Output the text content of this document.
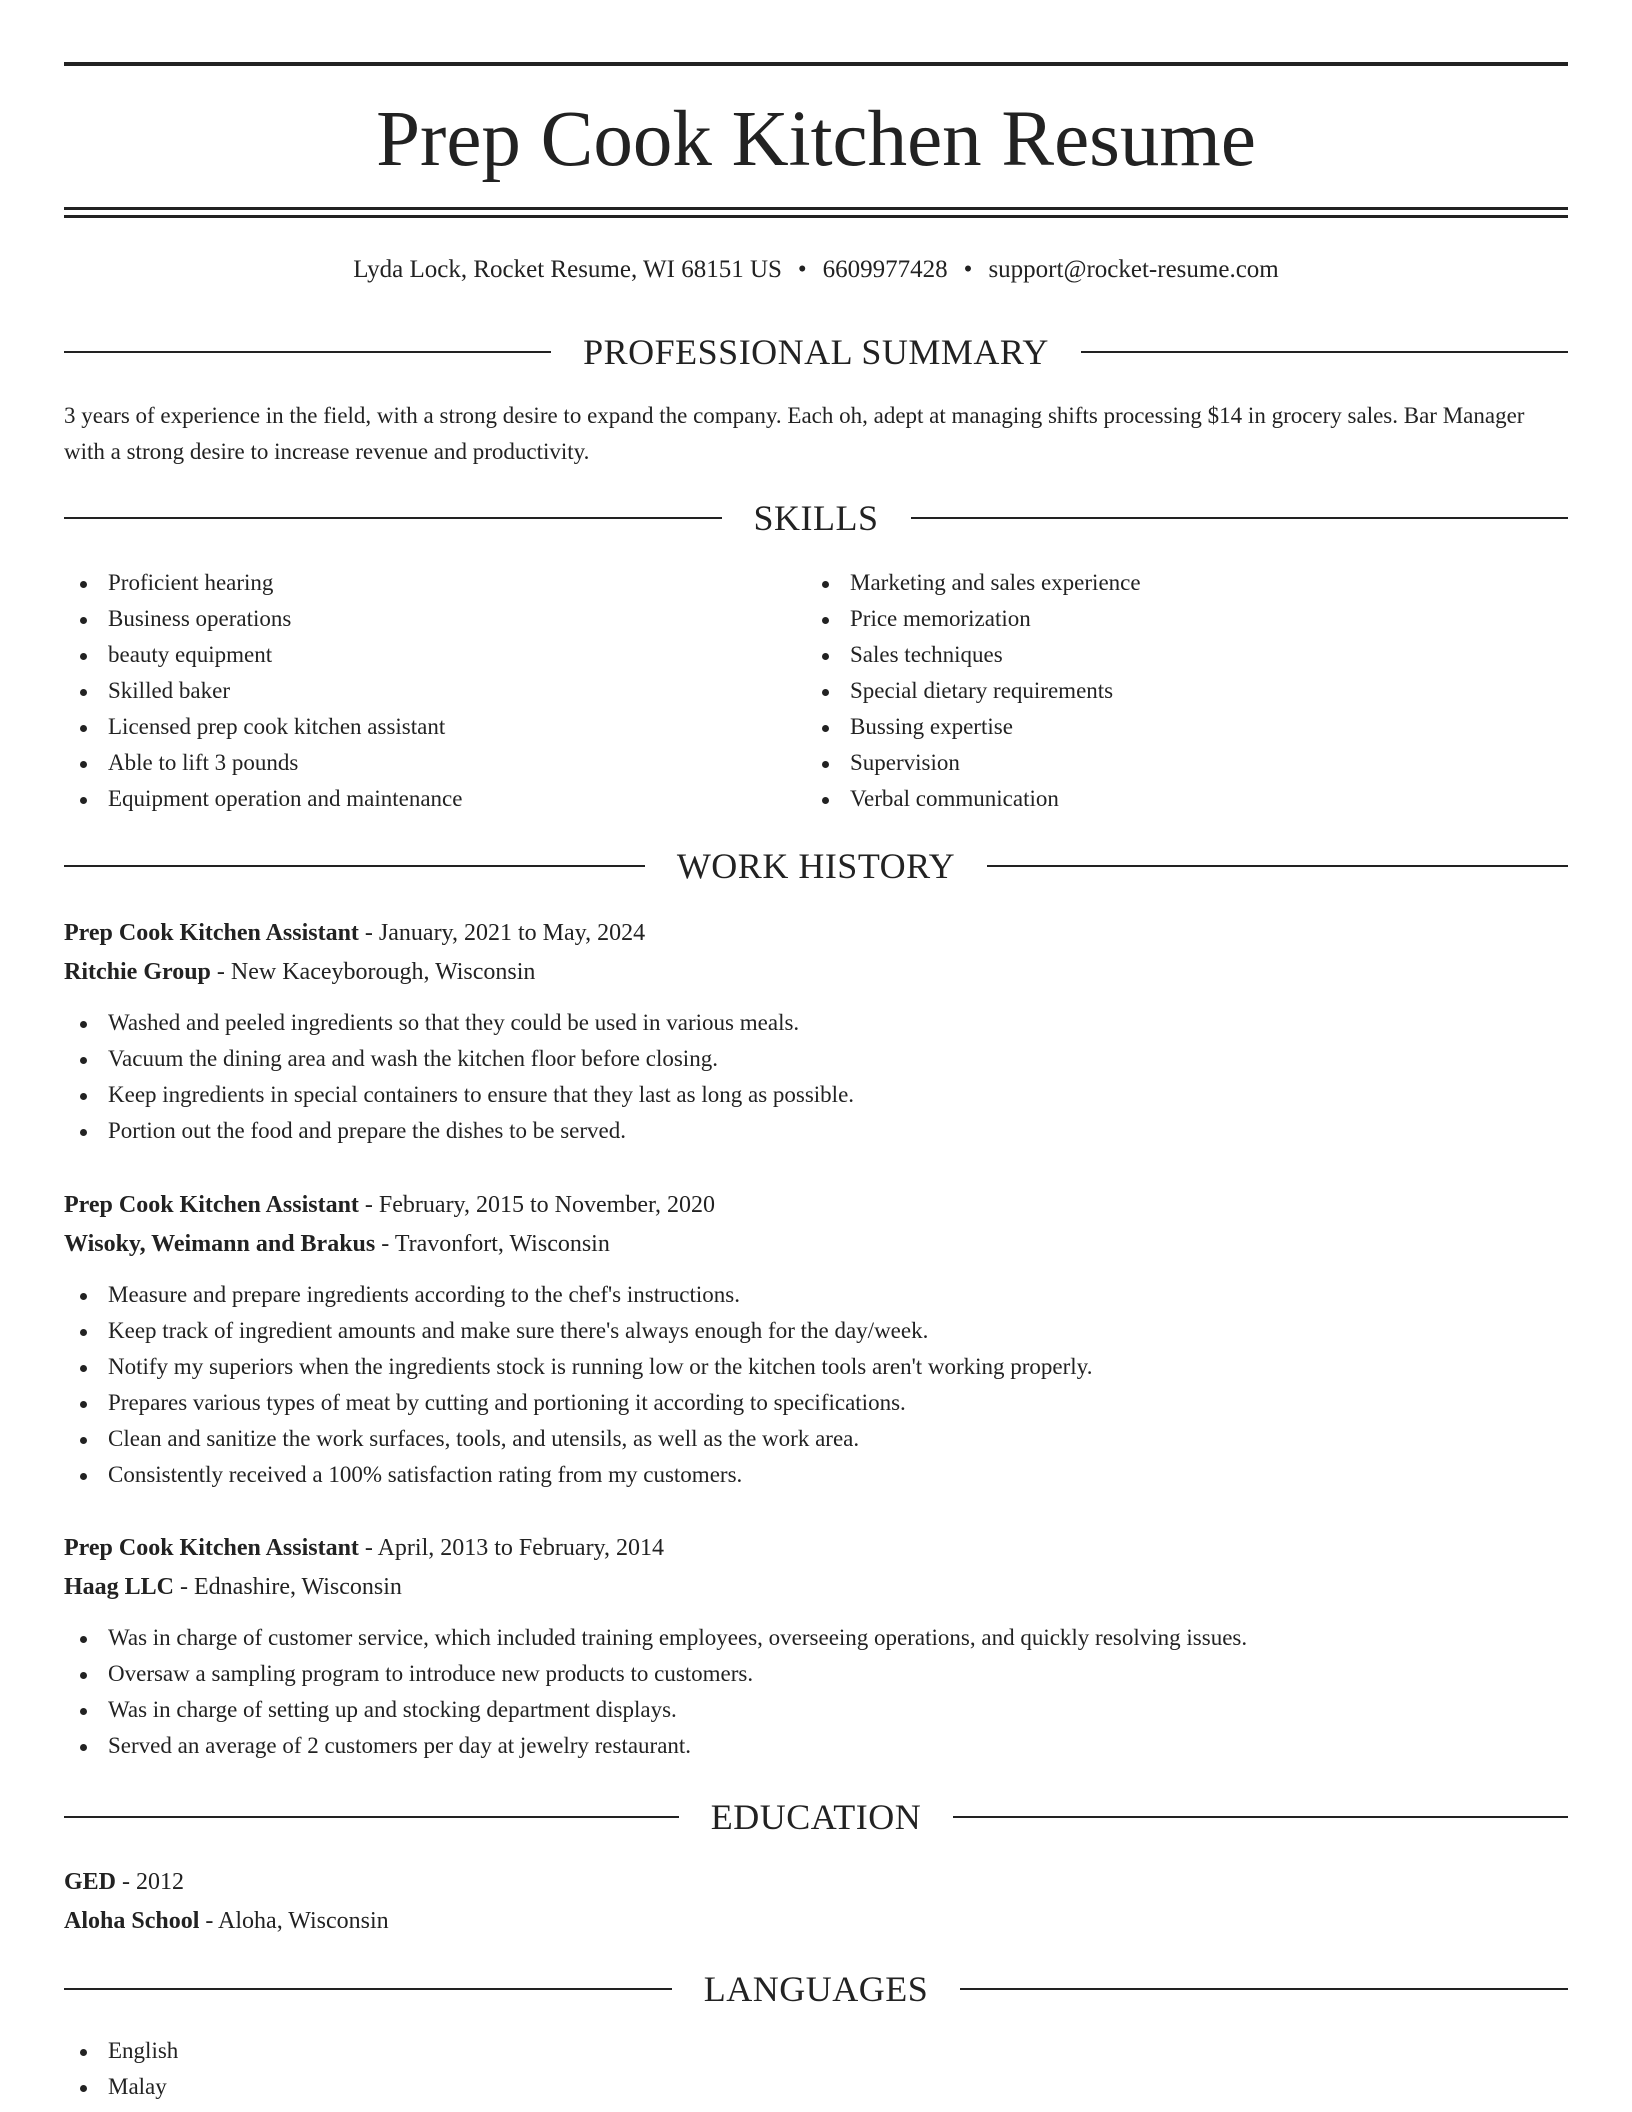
Prep Cook Kitchen Resume
Lyda Lock, Rocket Resume, WI 68151 US • 6609977428 • support@rocket-resume.com
PROFESSIONAL SUMMARY
3 years of experience in the field, with a strong desire to expand the company. Each oh, adept at managing shifts processing $14 in grocery sales. Bar Manager with a strong desire to increase revenue and productivity.
SKILLS
Proficient hearing
Business operations
beauty equipment
Skilled baker
Licensed prep cook kitchen assistant
Able to lift 3 pounds
Equipment operation and maintenance
Marketing and sales experience
Price memorization
Sales techniques
Special dietary requirements
Bussing expertise
Supervision
Verbal communication
WORK HISTORY
Prep Cook Kitchen Assistant - January, 2021 to May, 2024
Ritchie Group - New Kaceyborough, Wisconsin
Washed and peeled ingredients so that they could be used in various meals.
Vacuum the dining area and wash the kitchen floor before closing.
Keep ingredients in special containers to ensure that they last as long as possible.
Portion out the food and prepare the dishes to be served.
Prep Cook Kitchen Assistant - February, 2015 to November, 2020
Wisoky, Weimann and Brakus - Travonfort, Wisconsin
Measure and prepare ingredients according to the chef's instructions.
Keep track of ingredient amounts and make sure there's always enough for the day/week.
Notify my superiors when the ingredients stock is running low or the kitchen tools aren't working properly.
Prepares various types of meat by cutting and portioning it according to specifications.
Clean and sanitize the work surfaces, tools, and utensils, as well as the work area.
Consistently received a 100% satisfaction rating from my customers.
Prep Cook Kitchen Assistant - April, 2013 to February, 2014
Haag LLC - Ednashire, Wisconsin
Was in charge of customer service, which included training employees, overseeing operations, and quickly resolving issues.
Oversaw a sampling program to introduce new products to customers.
Was in charge of setting up and stocking department displays.
Served an average of 2 customers per day at jewelry restaurant.
EDUCATION
GED - 2012
Aloha School - Aloha, Wisconsin
LANGUAGES
English
Malay
